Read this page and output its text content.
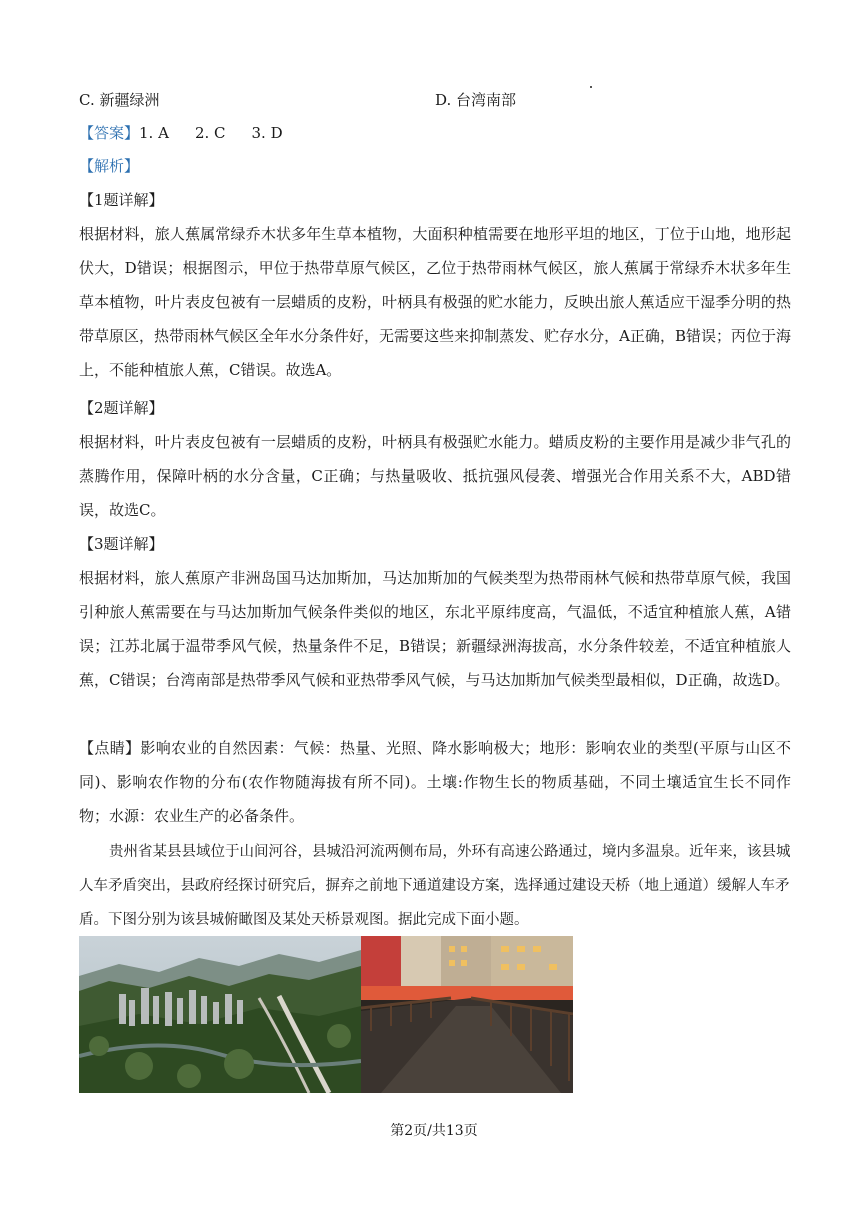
C. 新疆绿洲	D. 台湾南部
【答案】1. A 2. C 3. D
【解析】
【1题详解】
根据材料，旅人蕉属常绿乔木状多年生草本植物，大面积种植需要在地形平坦的地区，丁位于山地，地形起伏大，D错误；根据图示，甲位于热带草原气候区，乙位于热带雨林气候区，旅人蕉属于常绿乔木状多年生草本植物，叶片表皮包被有一层蜡质的皮粉，叶柄具有极强的贮水能力，反映出旅人蕉适应干湿季分明的热带草原区，热带雨林气候区全年水分条件好，无需要这些来抑制蒸发、贮存水分，A正确，B错误；丙位于海上，不能种植旅人蕉，C错误。故选A。
【2题详解】
根据材料，叶片表皮包被有一层蜡质的皮粉，叶柄具有极强贮水能力。蜡质皮粉的主要作用是减少非气孔的蒸腾作用，保障叶柄的水分含量，C正确；与热量吸收、抵抗强风侵袭、增强光合作用关系不大，ABD错误，故选C。
【3题详解】
根据材料，旅人蕉原产非洲岛国马达加斯加，马达加斯加的气候类型为热带雨林气候和热带草原气候，我国引种旅人蕉需要在与马达加斯加气候条件类似的地区，东北平原纬度高，气温低，不适宜种植旅人蕉，A错误；江苏北属于温带季风气候，热量条件不足，B错误；新疆绿洲海拔高，水分条件较差，不适宜种植旅人蕉，C错误；台湾南部是热带季风气候和亚热带季风气候，与马达加斯加气候类型最相似，D正确，故选D。
【点睛】影响农业的自然因素：气候：热量、光照、降水影响极大；地形：影响农业的类型(平原与山区不同)、影响农作物的分布(农作物随海拔有所不同)。土壤:作物生长的物质基础，不同土壤适宜生长不同作物；水源：农业生产的必备条件。
贵州省某县县域位于山间河谷，县城沿河流两侧布局，外环有高速公路通过，境内多温泉。近年来，该县城人车矛盾突出，县政府经探讨研究后，摒弃之前地下通道建设方案，选择通过建设天桥（地上通道）缓解人车矛盾。下图分别为该县城俯瞰图及某处天桥景观图。据此完成下面小题。
第2页/共13页
